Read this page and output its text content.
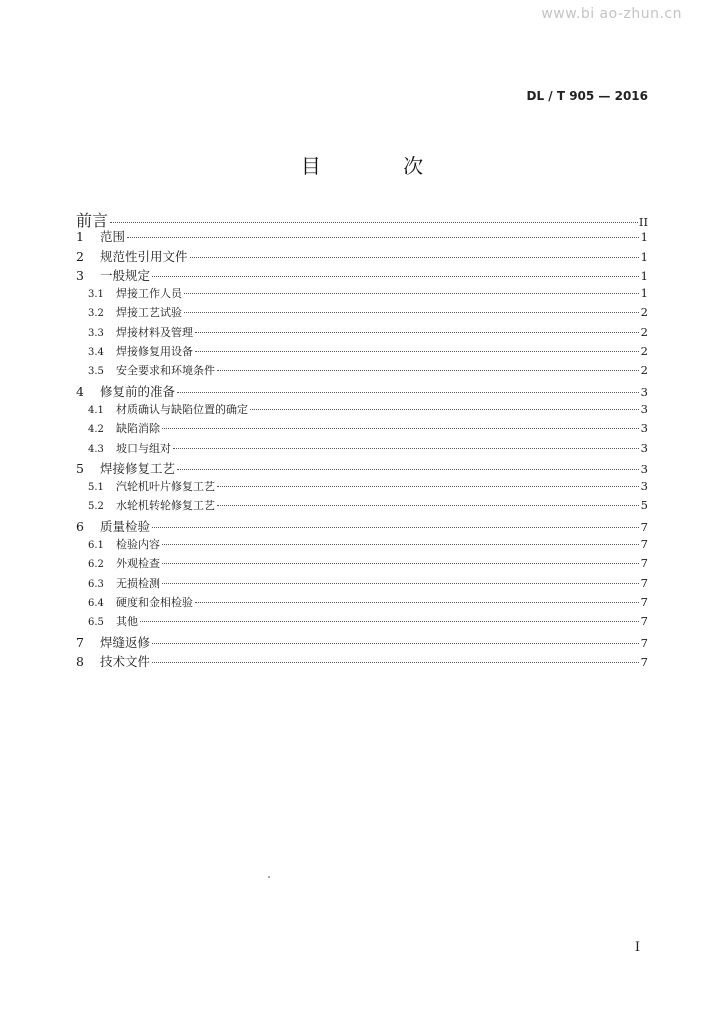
www.bi ao-zhun.cn
DL / T 905 — 2016
目 次
前言	II
1	范围	1
2	规范性引用文件	1
3	一般规定	1
3.1	焊接工作人员	1
3.2	焊接工艺试验	2
3.3	焊接材料及管理	2
3.4	焊接修复用设备	2
3.5	安全要求和环境条件	2
4	修复前的准备	3
4.1	材质确认与缺陷位置的确定	3
4.2	缺陷消除	3
4.3	坡口与组对	3
5	焊接修复工艺	3
5.1	汽轮机叶片修复工艺	3
5.2	水轮机转轮修复工艺	5
6	质量检验	7
6.1	检验内容	7
6.2	外观检查	7
6.3	无损检测	7
6.4	硬度和金相检验	7
6.5	其他	7
7	焊缝返修	7
8	技术文件	7
I
